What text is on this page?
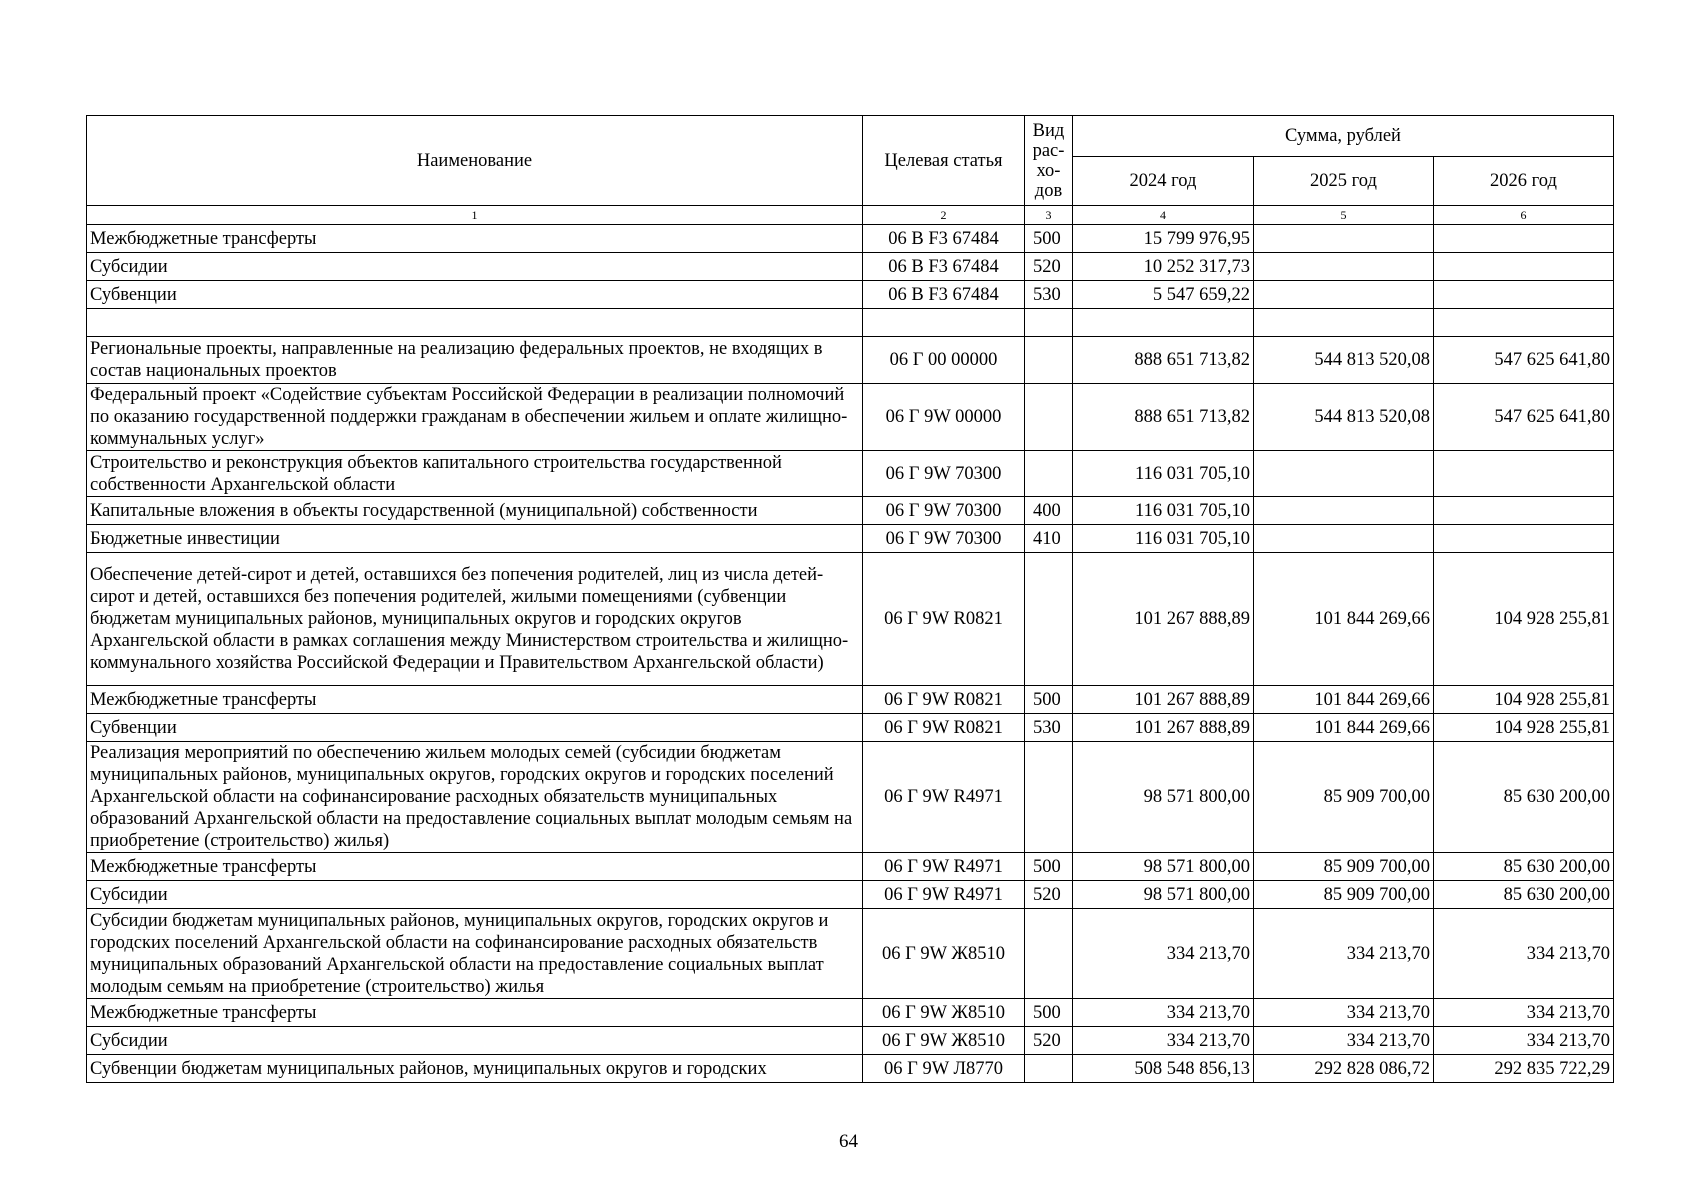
Наименование	Целевая статья	Вид рас-
хо-
дов	Сумма, рублей		
			2024 год	2025 год	2026 год
1	2	3	4	5	6
Межбюджетные трансферты	06 В F3 67484	500	15 799 976,95		
Субсидии	06 В F3 67484	520	10 252 317,73		
Субвенции	06 В F3 67484	530	5 547 659,22		

Региональные проекты, направленные на реализацию федеральных проектов, не входящих в состав национальных проектов	06 Г 00 00000		888 651 713,82	544 813 520,08	547 625 641,80
Федеральный проект «Содействие субъектам Российской Федерации в реализации полномочий по оказанию государственной поддержки гражданам в обеспечении жильем и оплате жилищно-коммунальных услуг»	06 Г 9W 00000		888 651 713,82	544 813 520,08	547 625 641,80
Строительство и реконструкция объектов капитального строительства государственной собственности Архангельской области	06 Г 9W 70300		116 031 705,10		
Капитальные вложения в объекты государственной (муниципальной) собственности	06 Г 9W 70300	400	116 031 705,10		
Бюджетные инвестиции	06 Г 9W 70300	410	116 031 705,10		
Обеспечение детей-сирот и детей, оставшихся без попечения родителей, лиц из числа детей-сирот и детей, оставшихся без попечения родителей, жилыми помещениями (субвенции бюджетам муниципальных районов, муниципальных округов и городских округов Архангельской области в рамках соглашения между Министерством строительства и жилищно-коммунального хозяйства Российской Федерации и Правительством Архангельской области)	06 Г 9W R0821		101 267 888,89	101 844 269,66	104 928 255,81
Межбюджетные трансферты	06 Г 9W R0821	500	101 267 888,89	101 844 269,66	104 928 255,81
Субвенции	06 Г 9W R0821	530	101 267 888,89	101 844 269,66	104 928 255,81
Реализация мероприятий по обеспечению жильем молодых семей (субсидии бюджетам муниципальных районов, муниципальных округов, городских округов и городских поселений Архангельской области на софинансирование расходных обязательств муниципальных образований Архангельской области на предоставление социальных выплат молодым семьям на приобретение (строительство) жилья)	06 Г 9W R4971		98 571 800,00	85 909 700,00	85 630 200,00
Межбюджетные трансферты	06 Г 9W R4971	500	98 571 800,00	85 909 700,00	85 630 200,00
Субсидии	06 Г 9W R4971	520	98 571 800,00	85 909 700,00	85 630 200,00
Субсидии бюджетам муниципальных районов, муниципальных округов, городских округов и городских поселений Архангельской области на софинансирование расходных обязательств муниципальных образований Архангельской области на предоставление социальных выплат молодым семьям на приобретение (строительство) жилья	06 Г 9W Ж8510		334 213,70	334 213,70	334 213,70
Межбюджетные трансферты	06 Г 9W Ж8510	500	334 213,70	334 213,70	334 213,70
Субсидии	06 Г 9W Ж8510	520	334 213,70	334 213,70	334 213,70
Субвенции бюджетам муниципальных районов, муниципальных округов и городских	06 Г 9W Л8770		508 548 856,13	292 828 086,72	292 835 722,29
64
